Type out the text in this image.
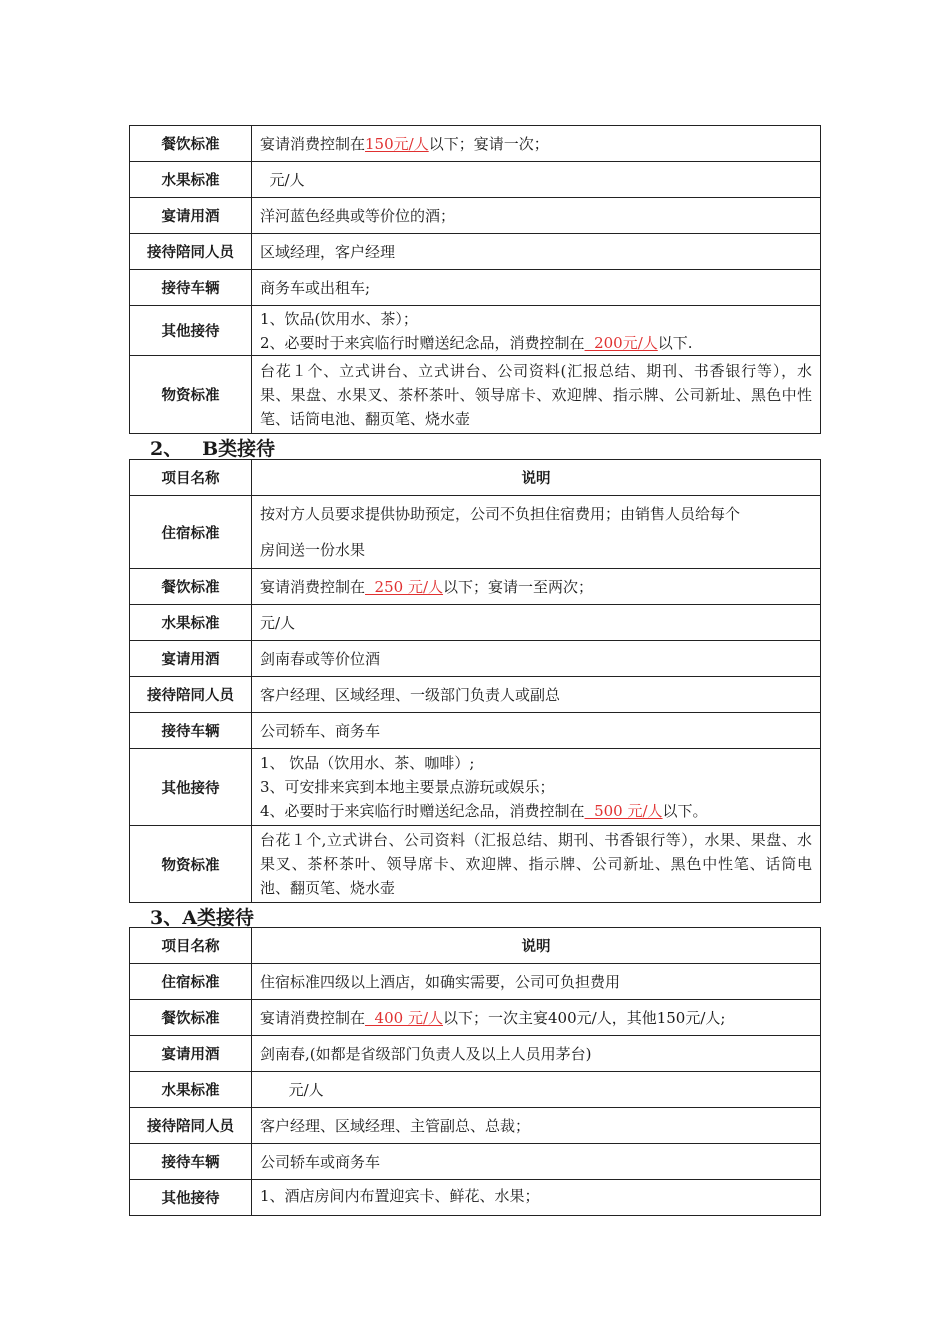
餐饮标准	宴请消费控制在150元/人以下；宴请一次；
水果标准	元/人
宴请用酒	洋河蓝色经典或等价位的酒；
接待陪同人员	区域经理，客户经理
接待车辆	商务车或出租车;
其他接待	1、饮品(饮用水、茶）；
2、必要时于来宾临行时赠送纪念品，消费控制在  200元/人以下.

物资标准	台花１个、立式讲台、立式讲台、公司资料(汇报总结、期刊、书香银行等），水果、果盘、水果叉、茶杯茶叶、领导席卡、欢迎牌、指示牌、公司新址、黑色中性笔、话筒电池、翻页笔、烧水壶
2、   B类接待
项目名称	说明
住宿标准	按对方人员要求提供协助预定，公司不负担住宿费用；由销售人员给每个
房间送一份水果

餐饮标准	宴请消费控制在  250 元/人以下；宴请一至两次；
水果标准	元/人
宴请用酒	剑南春或等价位酒
接待陪同人员	客户经理、区域经理、一级部门负责人或副总
接待车辆	公司轿车、商务车
其他接待	1、 饮品（饮用水、茶、咖啡）;
3、可安排来宾到本地主要景点游玩或娱乐；
4、必要时于来宾临行时赠送纪念品，消费控制在  500 元/人以下。

物资标准	台花１个,立式讲台、公司资料（汇报总结、期刊、书香银行等），水果、果盘、水果叉、茶杯茶叶、领导席卡、欢迎牌、指示牌、公司新址、黑色中性笔、话筒电池、翻页笔、烧水壶
3、A类接待
项目名称	说明
住宿标准	住宿标准四级以上酒店，如确实需要，公司可负担费用
餐饮标准	宴请消费控制在  400 元/人以下；一次主宴400元/人，其他150元/人;
宴请用酒	剑南春,(如都是省级部门负责人及以上人员用茅台)
水果标准	元/人
接待陪同人员	客户经理、区域经理、主管副总、总裁；
接待车辆	公司轿车或商务车
其他接待	1、酒店房间内布置迎宾卡、鲜花、水果；
